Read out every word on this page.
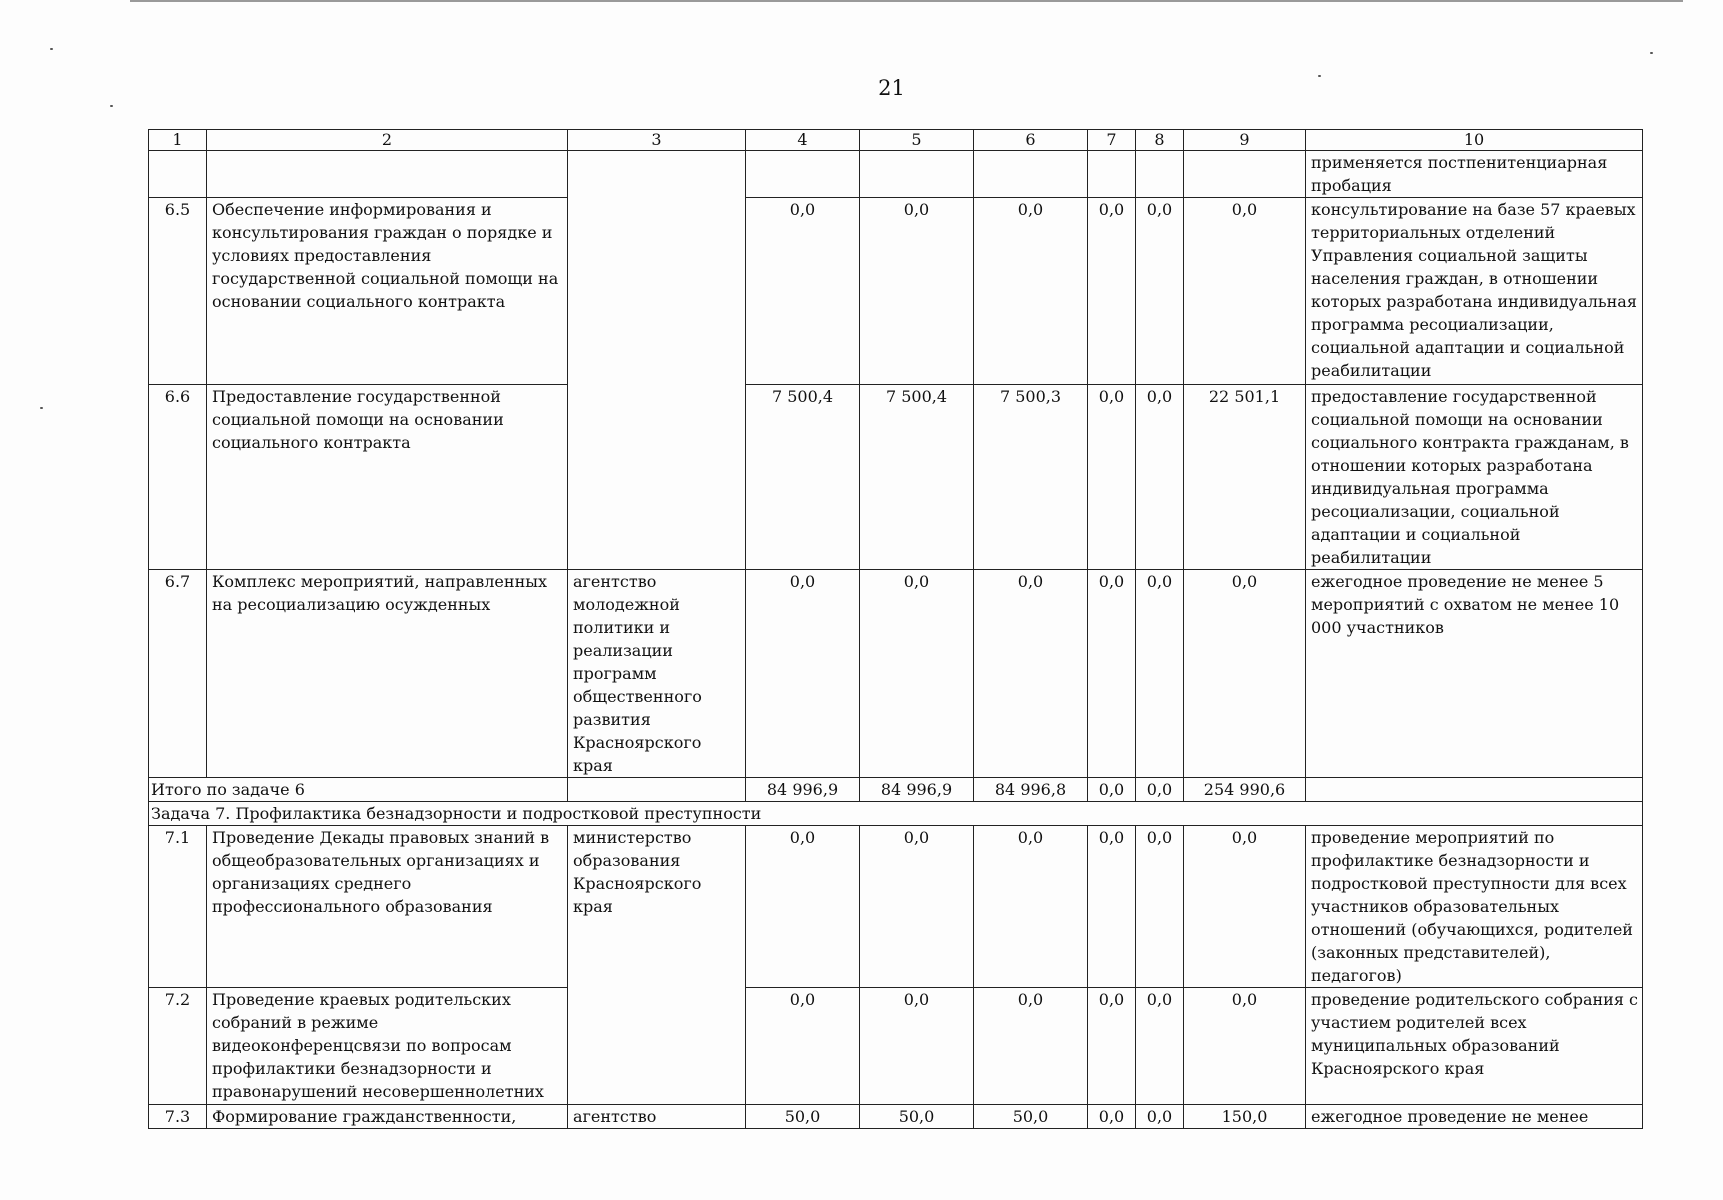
21
1	2	3	4	5	6	7	8	9	10
									применяется постпенитенциарная пробация
6.5	Обеспечение информирования и консультирования граждан о порядке и условиях предоставления государственной социальной помощи на основании социального контракта		0,0	0,0	0,0	0,0	0,0	0,0	консультирование на базе 57 краевых территориальных отделений Управления социальной защиты населения граждан, в отношении которых разработана индивидуальная программа ресоциализации, социальной адаптации и социальной реабилитации
6.6	Предоставление государственной социальной помощи на основании социального контракта		7 500,4	7 500,4	7 500,3	0,0	0,0	22 501,1	предоставление государственной социальной помощи на основании социального контракта гражданам, в отношении которых разработана индивидуальная программа ресоциализации, социальной адаптации и социальной реабилитации
6.7	Комплекс мероприятий, направленных на ресоциализацию осужденных	агентство молодежной политики и реализации программ общественного развития Красноярского края	0,0	0,0	0,0	0,0	0,0	0,0	ежегодное проведение не менее 5 мероприятий с охватом не менее 10 000 участников
Итого по задаче 6			84 996,9	84 996,9	84 996,8	0,0	0,0	254 990,6	
Задача 7. Профилактика безнадзорности и подростковой преступности									
7.1	Проведение Декады правовых знаний в общеобразовательных организациях и организациях среднего профессионального образования	министерство образования Красноярского края	0,0	0,0	0,0	0,0	0,0	0,0	проведение мероприятий по профилактике безнадзорности и подростковой преступности для всех участников образовательных отношений (обучающихся, родителей (законных представителей), педагогов)
7.2	Проведение краевых родительских собраний в режиме видеоконференцсвязи по вопросам профилактики безнадзорности и правонарушений несовершеннолетних		0,0	0,0	0,0	0,0	0,0	0,0	проведение родительского собрания с участием родителей всех муниципальных образований Красноярского края
7.3	Формирование гражданственности,	агентство	50,0	50,0	50,0	0,0	0,0	150,0	ежегодное проведение не менее
